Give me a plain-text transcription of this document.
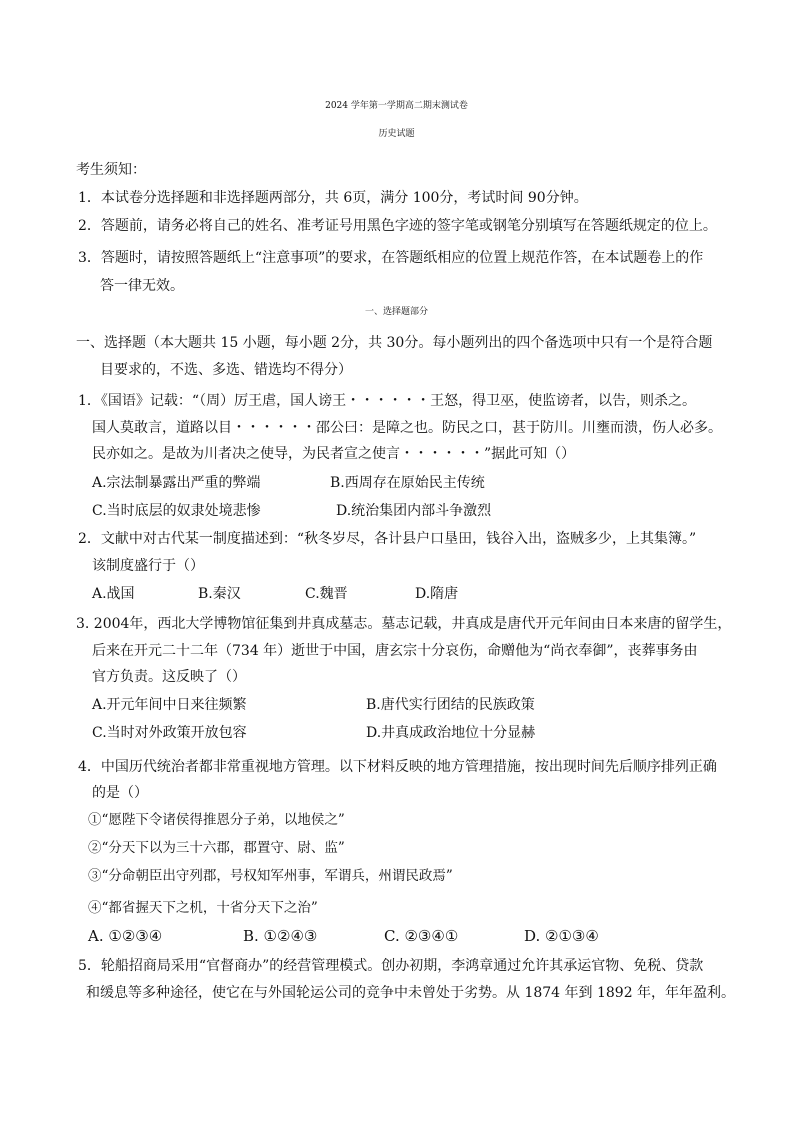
2024 学年第一学期高二期末测试卷
历史试题
考生须知：
1．本试卷分选择题和非选择题两部分，共 6页，满分 100分，考试时间 90分钟。
2．答题前，请务必将自己的姓名、准考证号用黑色字迹的签字笔或钢笔分别填写在答题纸规定的位上。
3．答题时，请按照答题纸上“注意事项”的要求，在答题纸相应的位置上规范作答，在本试题卷上的作
答一律无效。
一、选择题部分
一、选择题（本大题共 15 小题，每小题 2分，共 30分。每小题列出的四个备选项中只有一个是符合题
目要求的，不选、多选、错选均不得分）
1．《国语》记载：“（周）厉王虐，国人谤王・・・・・・王怒，得卫巫，使监谤者，以告，则杀之。
国人莫敢言，道路以目・・・・・・邵公曰：是障之也。防民之口，甚于防川。川壅而溃，伤人必多。
民亦如之。是故为川者决之使导，为民者宣之使言・・・・・・”据此可知（）
A.宗法制暴露出严重的弊端	B.西周存在原始民主传统
C.当时底层的奴隶处境悲惨	D.统治集团内部斗争激烈
2．文献中对古代某一制度描述到：“秋冬岁尽，各计县户口垦田，钱谷入出，盗贼多少，上其集簿。”
该制度盛行于（）
A.战国	B.秦汉	C.魏晋	D.隋唐
3. 2004年，西北大学博物馆征集到井真成墓志。墓志记载，井真成是唐代开元年间由日本来唐的留学生，
后来在开元二十二年（734 年）逝世于中国，唐玄宗十分哀伤，命赠他为“尚衣奉御”，丧葬事务由
官方负责。这反映了（）
A.开元年间中日来往频繁	B.唐代实行团结的民族政策
C.当时对外政策开放包容	D.井真成政治地位十分显赫
4．中国历代统治者都非常重视地方管理。以下材料反映的地方管理措施，按出现时间先后顺序排列正确
的是（）
①“愿陛下令诸侯得推恩分子弟，以地侯之”
②“分天下以为三十六郡，郡置守、尉、监”
③“分命朝臣出守列郡，号权知军州事，军谓兵，州谓民政焉”
④“都省握天下之机，十省分天下之治”
A. ①②③④	B. ①②④③	C. ②③④①	D. ②①③④
5．轮船招商局采用“官督商办”的经营管理模式。创办初期，李鸿章通过允许其承运官物、免税、贷款
和缓息等多种途径，使它在与外国轮运公司的竞争中未曾处于劣势。从 1874 年到 1892 年，年年盈利。
